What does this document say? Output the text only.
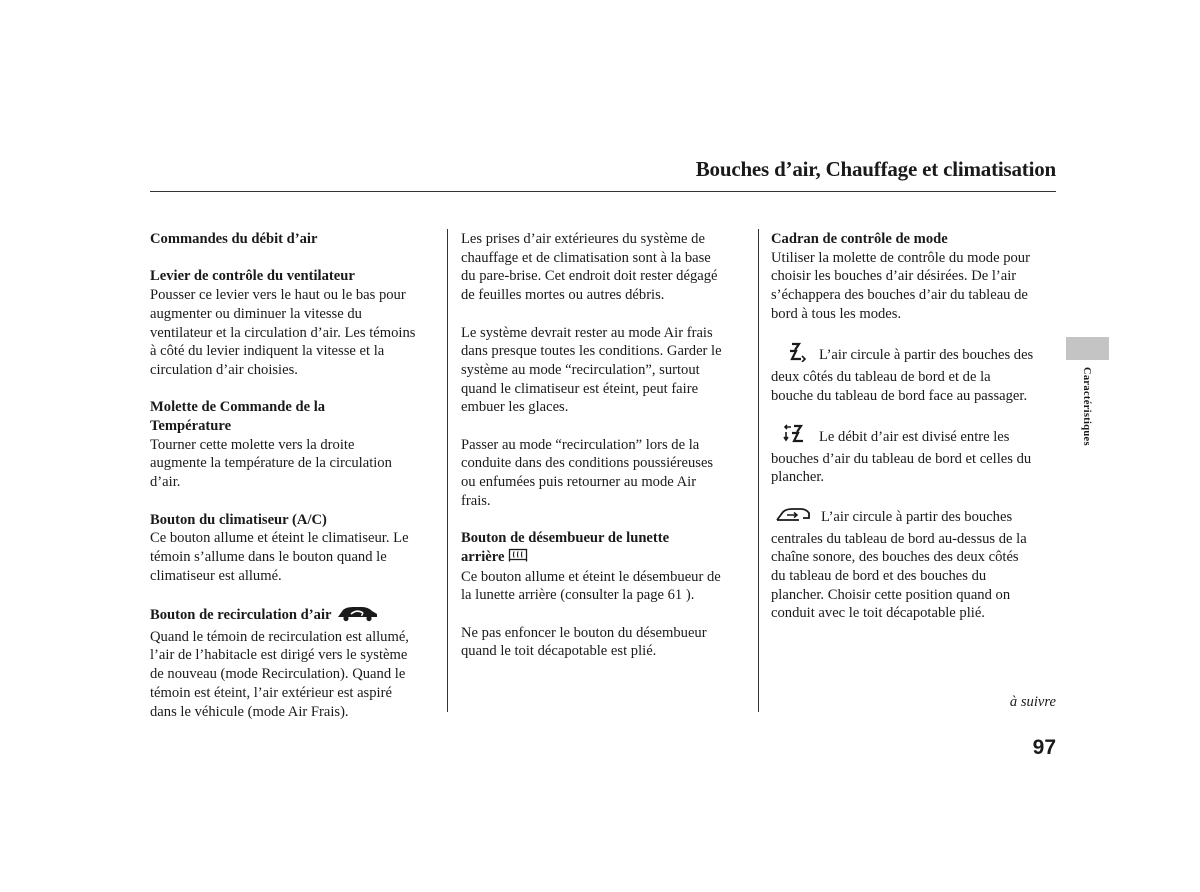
Bouches d’air, Chauffage et climatisation

Commandes du débit d’air

Levier de contrôle du ventilateur

Pousser ce levier vers le haut ou le bas pour
augmenter ou diminuer la vitesse du
ventilateur et la circulation d’air. Les témoins
à côté du levier indiquent la vitesse et la
circulation d’air choisies.

Molette de Commande de la
Température

Tourner cette molette vers la droite
augmente la température de la circulation
d’air.

Bouton du climatiseur (A/C)

Ce bouton allume et éteint le climatiseur. Le
témoin s’allume dans le bouton quand le
climatiseur est allumé.

Bouton de recirculation d’air

Quand le témoin de recirculation est allumé,
l’air de l’habitacle est dirigé vers le système
de nouveau (mode Recirculation). Quand le
témoin est éteint, l’air extérieur est aspiré
dans le véhicule (mode Air Frais).

Les prises d’air extérieures du système de
chauffage et de climatisation sont à la base
du pare-brise. Cet endroit doit rester dégagé
de feuilles mortes ou autres débris.

Le système devrait rester au mode Air frais
dans presque toutes les conditions. Garder le
système au mode “recirculation”, surtout
quand le climatiseur est éteint, peut faire
embuer les glaces.

Passer au mode “recirculation” lors de la
conduite dans des conditions poussiéreuses
ou enfumées puis retourner au mode Air
frais.

Bouton de désembueur de lunette
arrière

Ce bouton allume et éteint le désembueur de
la lunette arrière (consulter la page 61 ).

Ne pas enfoncer le bouton du désembueur
quand le toit décapotable est plié.

Cadran de contrôle de mode

Utiliser la molette de contrôle du mode pour
choisir les bouches d’air désirées. De l’air
s’échappera des bouches d’air du tableau de
bord à tous les modes.

L’air circule à partir des bouches des
deux côtés du tableau de bord et de la
bouche du tableau de bord face au passager.

Le débit d’air est divisé entre les
bouches d’air du tableau de bord et celles du
plancher.

L’air circule à partir des bouches
centrales du tableau de bord au-dessus de la
chaîne sonore, des bouches des deux côtés
du tableau de bord et des bouches du
plancher. Choisir cette position quand on
conduit avec le toit décapotable plié.

Caractéristiques
à suivre
97
